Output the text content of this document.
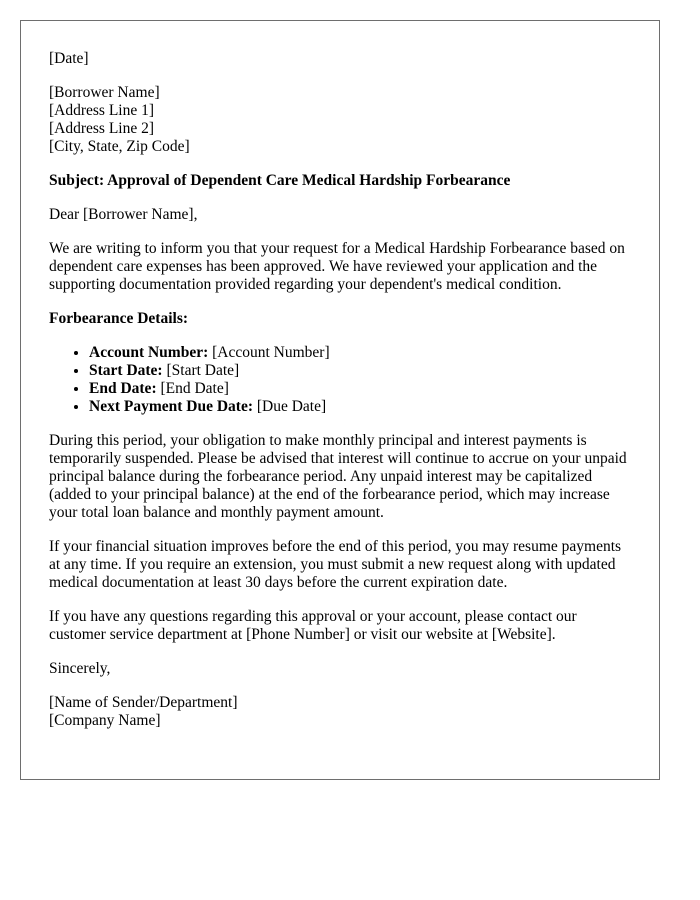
[Date]

[Borrower Name]
[Address Line 1]
[Address Line 2]
[City, State, Zip Code]

Subject: Approval of Dependent Care Medical Hardship Forbearance

Dear [Borrower Name],

We are writing to inform you that your request for a Medical Hardship Forbearance based on dependent care expenses has been approved. We have reviewed your application and the supporting documentation provided regarding your dependent's medical condition.

Forbearance Details:

• Account Number: [Account Number]
• Start Date: [Start Date]
• End Date: [End Date]
• Next Payment Due Date: [Due Date]

During this period, your obligation to make monthly principal and interest payments is temporarily suspended. Please be advised that interest will continue to accrue on your unpaid principal balance during the forbearance period. Any unpaid interest may be capitalized (added to your principal balance) at the end of the forbearance period, which may increase your total loan balance and monthly payment amount.

If your financial situation improves before the end of this period, you may resume payments at any time. If you require an extension, you must submit a new request along with updated medical documentation at least 30 days before the current expiration date.

If you have any questions regarding this approval or your account, please contact our customer service department at [Phone Number] or visit our website at [Website].

Sincerely,

[Name of Sender/Department]
[Company Name]
